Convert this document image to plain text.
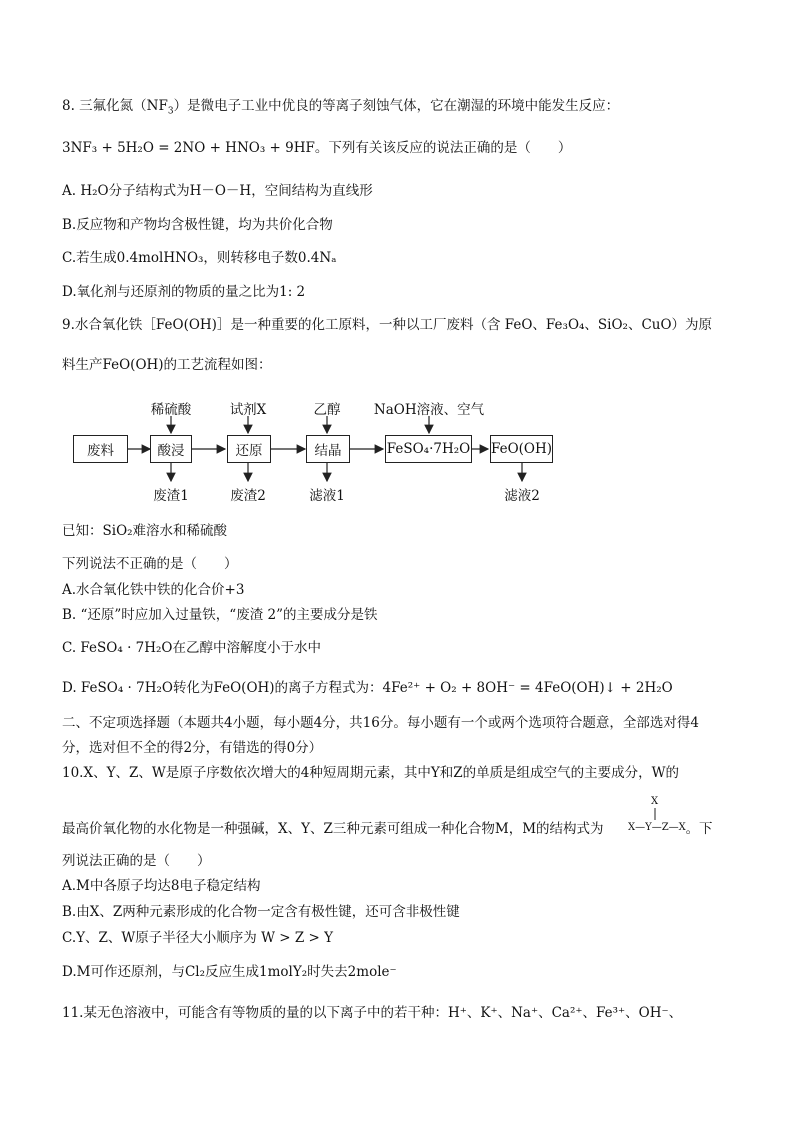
8. 三氟化氮$(NF_3)$是微电子工业中优良的等离子刻蚀气体，它在潮湿的环境中能发生反应：
3NF₃ + 5H₂O = 2NO + HNO₃ + 9HF。下列有关该反应的说法正确的是（　　）
A. H₂O分子结构式为H－O－H，空间结构为直线形
B.反应物和产物均含极性键，均为共价化合物
C.若生成0.4molHNO₃，则转移电子数0.4Nₐ
D.氧化剂与还原剂的物质的量之比为1: 2
9.水合氧化铁［FeO(OH)］是一种重要的化工原料，一种以工厂废料（含 FeO、Fe₃O₄、SiO₂、CuO）为原
料生产FeO(OH)的工艺流程如图：
废料	酸浸	还原	结晶	FeSO₄·7H₂O FeO(OH)
稀硫酸	试剂X	乙醇	NaOH溶液、空气
废渣1	废渣2	滤液1	滤液2
已知：SiO₂难溶水和稀硫酸
下列说法不正确的是（　　）
A.水合氧化铁中铁的化合价+3
B. “还原”时应加入过量铁，“废渣 2”的主要成分是铁
C. FeSO₄ · 7H₂O在乙醇中溶解度小于水中
D. FeSO₄ · 7H₂O转化为FeO(OH)的离子方程式为：4Fe²⁺ + O₂ + 8OH⁻ = 4FeO(OH)↓ + 2H₂O
二、不定项选择题（本题共4小题，每小题4分，共16分。每小题有一个或两个选项符合题意，全部选对得4
分，选对但不全的得2分，有错选的得0分）
10.X、Y、Z、W是原子序数依次增大的4种短周期元素，其中Y和Z的单质是组成空气的主要成分，W的
最高价氧化物的水化物是一种强碱，X、Y、Z三种元素可组成一种化合物M，M的结构式为	。下
X
X—Y—Z—X
列说法正确的是（　　）
A.M中各原子均达8电子稳定结构
B.由X、Z两种元素形成的化合物一定含有极性键，还可含非极性键
C.Y、Z、W原子半径大小顺序为 W > Z > Y
D.M可作还原剂，与Cl₂反应生成1molY₂时失去2mole⁻
11.某无色溶液中，可能含有等物质的量的以下离子中的若干种：H⁺、K⁺、Na⁺、Ca²⁺、Fe³⁺、OH⁻、
